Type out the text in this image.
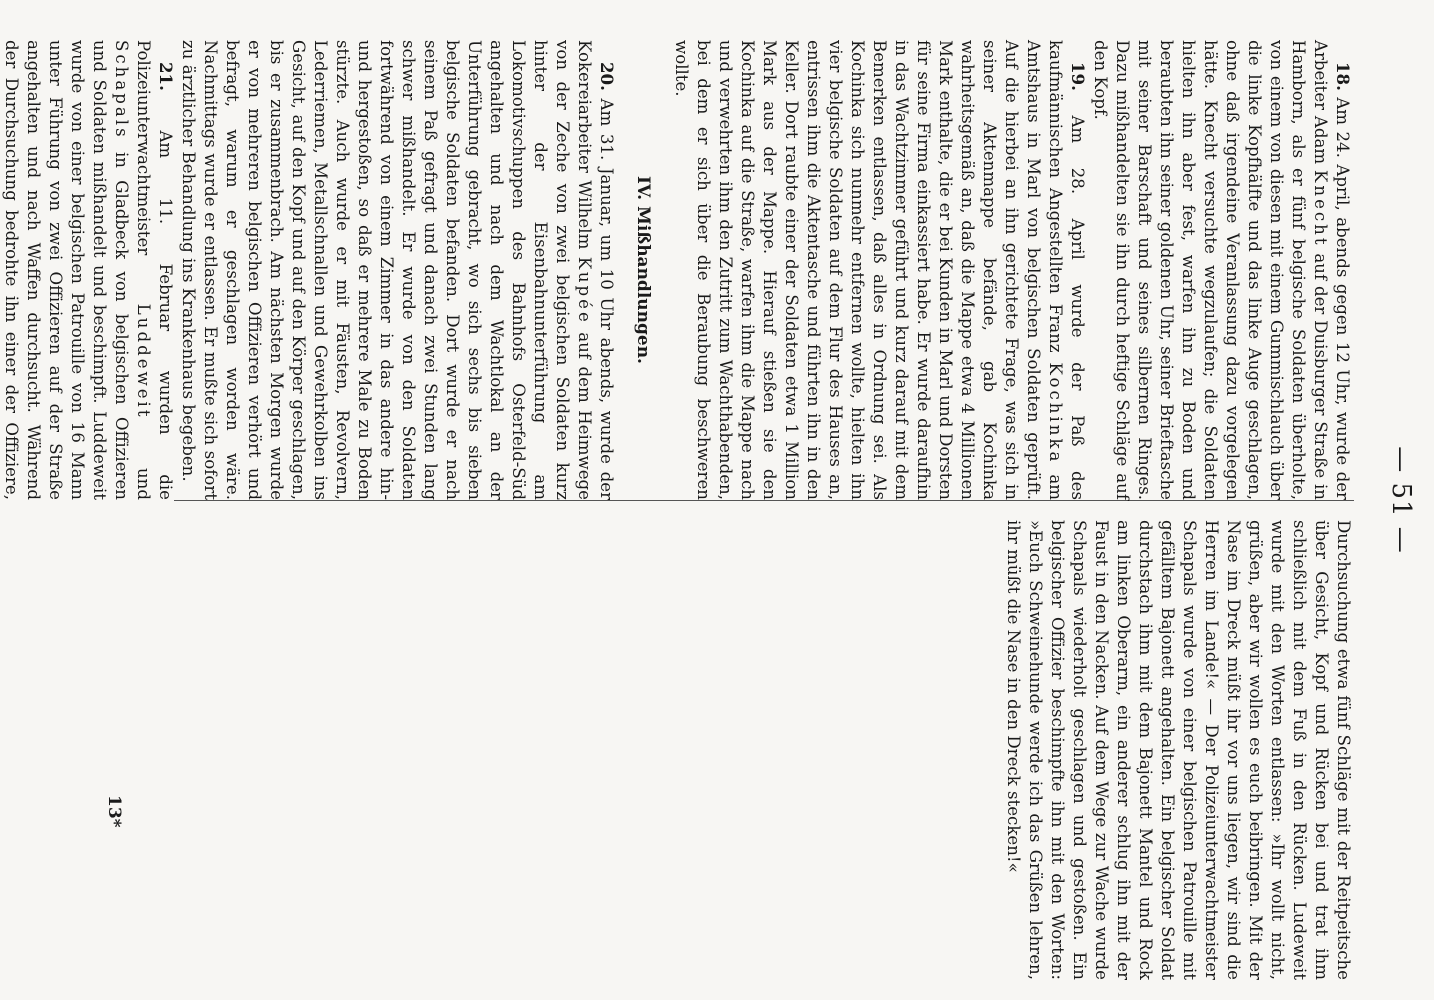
— 51 —

18. Am 24. April, abends gegen 12 Uhr, wurde der Arbeiter Adam Knecht auf der Duisburger Straße in Hamborn, als er fünf belgische Soldaten überholte, von einem von diesen mit einem Gummischlauch über die linke Kopfhälfte und das linke Auge geschlagen, ohne daß irgendeine Veranlassung dazu vorgelegen hätte. Knecht versuchte wegzulaufen; die Soldaten hielten ihn aber fest, warfen ihn zu Boden und beraubten ihn seiner goldenen Uhr, seiner Brieftasche mit seiner Barschaft und seines silbernen Ringes. Dazu mißhandelten sie ihn durch heftige Schläge auf den Kopf.

19. Am 28. April wurde der Paß des kaufmännischen Angestellten Franz Kochinka am Amtshaus in Marl von belgischen Soldaten geprüft. Auf die hierbei an ihn gerichtete Frage, was sich in seiner Aktenmappe befände, gab Kochinka wahrheitsgemäß an, daß die Mappe etwa 4 Millionen Mark enthalte, die er bei Kunden in Marl und Dorsten für seine Firma einkassiert habe. Er wurde daraufhin in das Wachtzimmer geführt und kurz darauf mit dem Bemerken entlassen, daß alles in Ordnung sei. Als Kochinka sich nunmehr entfernen wollte, hielten ihn vier belgische Soldaten auf dem Flur des Hauses an, entrissen ihm die Aktentasche und führten ihn in den Keller. Dort raubte einer der Soldaten etwa 1 Million Mark aus der Mappe. Hierauf stießen sie den Kochinka auf die Straße, warfen ihm die Mappe nach und verwehrten ihm den Zutritt zum Wachthabenden, bei dem er sich über die Beraubung beschweren wollte.

IV. Mißhandlungen.

20. Am 31. Januar, um 10 Uhr abends, wurde der Kokereiarbeiter Wilhelm Kupée auf dem Heimwege von der Zeche von zwei belgischen Soldaten kurz hinter der Eisenbahnunterführung am Lokomotivschuppen des Bahnhofs Osterfeld-Süd angehalten und nach dem Wachtlokal an der Unterführung gebracht, wo sich sechs bis sieben belgische Soldaten befanden. Dort wurde er nach seinem Paß gefragt und danach zwei Stunden lang schwer mißhandelt. Er wurde von den Soldaten fortwährend von einem Zimmer in das andere hin- und hergestoßen, so daß er mehrere Male zu Boden stürzte. Auch wurde er mit Fäusten, Revolvern, Lederriemen, Metallschnallen und Gewehrkolben ins Gesicht, auf den Kopf und auf den Körper geschlagen, bis er zusammenbrach. Am nächsten Morgen wurde er von mehreren belgischen Offizieren verhört und befragt, warum er geschlagen worden wäre. Nachmittags wurde er entlassen. Er mußte sich sofort zu ärztlicher Behandlung ins Krankenhaus begeben.

21. Am 11. Februar wurden die Polizeiunterwachtmeister Luddeweit und Schapals in Gladbeck von belgischen Offizieren und Soldaten mißhandelt und beschimpft. Luddeweit wurde von einer belgischen Patrouille von 16 Mann unter Führung von zwei Offizieren auf der Straße angehalten und nach Waffen durchsucht. Während der Durchsuchung bedrohte ihn einer der Offiziere,

Durchsuchung etwa fünf Schläge mit der Reitpeitsche über Gesicht, Kopf und Rücken bei und trat ihm schließlich mit dem Fuß in den Rücken. Ludeweit wurde mit den Worten entlassen: »Ihr wollt nicht, grüßen, aber wir wollen es euch beibringen. Mit der Nase im Dreck müßt ihr vor uns liegen, wir sind die Herren im Lande!« — Der Polizeiunterwachtmeister Schapals wurde von einer belgischen Patrouille mit gefälltem Bajonett angehalten. Ein belgischer Soldat durchstach ihm mit dem Bajonett Mantel und Rock am linken Oberarm, ein anderer schlug ihn mit der Faust in den Nacken. Auf dem Wege zur Wache wurde Schapals wiederholt geschlagen und gestoßen. Ein belgischer Offizier beschimpfte ihn mit den Worten: »Euch Schweinehunde werde ich das Grüßen lehren, ihr müßt die Nase in den Dreck stecken!«

13*
